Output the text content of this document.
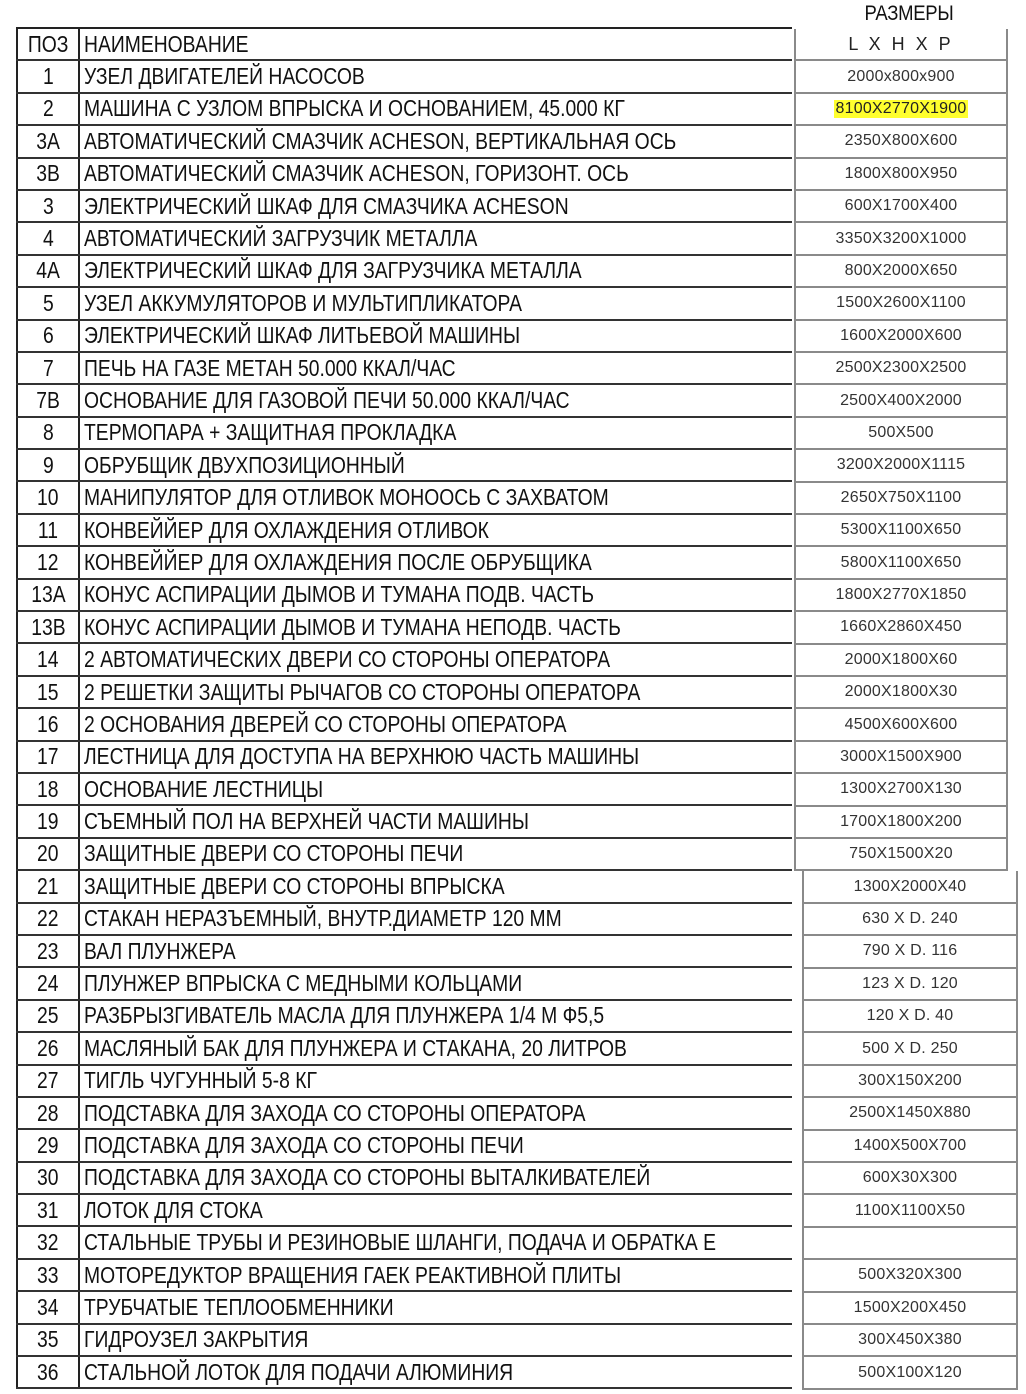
РАЗМЕРЫ
ПОЗ НАИМЕНОВАНИЕ
1 УЗЕЛ ДВИГАТЕЛЕЙ НАСОСОВ
2 МАШИНА С УЗЛОМ ВПРЫСКА И ОСНОВАНИЕМ, 45.000 КГ
3A АВТОМАТИЧЕСКИЙ СМАЗЧИК ACHESON, ВЕРТИКАЛЬНАЯ ОСЬ
3B АВТОМАТИЧЕСКИЙ СМАЗЧИК ACHESON, ГОРИЗОНТ. ОСЬ
3 ЭЛЕКТРИЧЕСКИЙ ШКАФ ДЛЯ СМАЗЧИКА ACHESON
4 АВТОМАТИЧЕСКИЙ ЗАГРУЗЧИК МЕТАЛЛА
4A ЭЛЕКТРИЧЕСКИЙ ШКАФ ДЛЯ ЗАГРУЗЧИКА МЕТАЛЛА
5 УЗЕЛ АККУМУЛЯТОРОВ И МУЛЬТИПЛИКАТОРА
6 ЭЛЕКТРИЧЕСКИЙ ШКАФ ЛИТЬЕВОЙ МАШИНЫ
7 ПЕЧЬ НА ГАЗЕ МЕТАН 50.000 ККАЛ/ЧАС
7B ОСНОВАНИЕ ДЛЯ ГАЗОВОЙ ПЕЧИ 50.000 ККАЛ/ЧАС
8 ТЕРМОПАРА + ЗАЩИТНАЯ ПРОКЛАДКА
9 ОБРУБЩИК ДВУХПОЗИЦИОННЫЙ
10 МАНИПУЛЯТОР ДЛЯ ОТЛИВОК МОНООСЬ С ЗАХВАТОМ
11 КОНВЕЙЙЕР ДЛЯ ОХЛАЖДЕНИЯ ОТЛИВОК
12 КОНВЕЙЙЕР ДЛЯ ОХЛАЖДЕНИЯ ПОСЛЕ ОБРУБЩИКА
13A КОНУС АСПИРАЦИИ ДЫМОВ И ТУМАНА ПОДВ. ЧАСТЬ
13B КОНУС АСПИРАЦИИ ДЫМОВ И ТУМАНА НЕПОДВ. ЧАСТЬ
14 2 АВТОМАТИЧЕСКИХ ДВЕРИ СО СТОРОНЫ ОПЕРАТОРА
15 2 РЕШЕТКИ ЗАЩИТЫ РЫЧАГОВ СО СТОРОНЫ ОПЕРАТОРА
16 2 ОСНОВАНИЯ ДВЕРЕЙ СО СТОРОНЫ ОПЕРАТОРА
17 ЛЕСТНИЦА ДЛЯ ДОСТУПА НА ВЕРХНЮЮ ЧАСТЬ МАШИНЫ
18 ОСНОВАНИЕ ЛЕСТНИЦЫ
19 СЪЕМНЫЙ ПОЛ НА ВЕРХНЕЙ ЧАСТИ МАШИНЫ
20 ЗАЩИТНЫЕ ДВЕРИ СО СТОРОНЫ ПЕЧИ
21 ЗАЩИТНЫЕ ДВЕРИ СО СТОРОНЫ ВПРЫСКА
22 СТАКАН НЕРАЗЪЕМНЫЙ, ВНУТР.ДИАМЕТР 120 ММ
23 ВАЛ ПЛУНЖЕРА
24 ПЛУНЖЕР ВПРЫСКА С МЕДНЫМИ КОЛЬЦАМИ
25 РАЗБРЫЗГИВАТЕЛЬ МАСЛА ДЛЯ ПЛУНЖЕРА 1/4 М Ф5,5
26 МАСЛЯНЫЙ БАК ДЛЯ ПЛУНЖЕРА И СТАКАНА, 20 ЛИТРОВ
27 ТИГЛЬ ЧУГУННЫЙ 5-8 КГ
28 ПОДСТАВКА ДЛЯ ЗАХОДА СО СТОРОНЫ ОПЕРАТОРА
29 ПОДСТАВКА ДЛЯ ЗАХОДА СО СТОРОНЫ ПЕЧИ
30 ПОДСТАВКА ДЛЯ ЗАХОДА СО СТОРОНЫ ВЫТАЛКИВАТЕЛЕЙ
31 ЛОТОК ДЛЯ СТОКА
32 СТАЛЬНЫЕ ТРУБЫ И РЕЗИНОВЫЕ ШЛАНГИ, ПОДАЧА И ОБРАТКА Е
33 МОТОРЕДУКТОР ВРАЩЕНИЯ ГАЕК РЕАКТИВНОЙ ПЛИТЫ
34 ТРУБЧАТЫЕ ТЕПЛООБМЕННИКИ
35 ГИДРОУЗЕЛ ЗАКРЫТИЯ
36 СТАЛЬНОЙ ЛОТОК ДЛЯ ПОДАЧИ АЛЮМИНИЯ
L X H X P
2000x800x900
8100X2770X1900
2350X800X600
1800X800X950
600X1700X400
3350X3200X1000
800X2000X650
1500X2600X1100
1600X2000X600
2500X2300X2500
2500X400X2000
500X500
3200X2000X1115
2650X750X1100
5300X1100X650
5800X1100X650
1800X2770X1850
1660X2860X450
2000X1800X60
2000X1800X30
4500X600X600
3000X1500X900
1300X2700X130
1700X1800X200
750X1500X20
1300X2000X40
630 X D. 240
790 X D. 116
123 X D. 120
120 X D. 40
500 X D. 250
300X150X200
2500X1450X880
1400X500X700
600X30X300
1100X1100X50
500X320X300
1500X200X450
300X450X380
500X100X120
